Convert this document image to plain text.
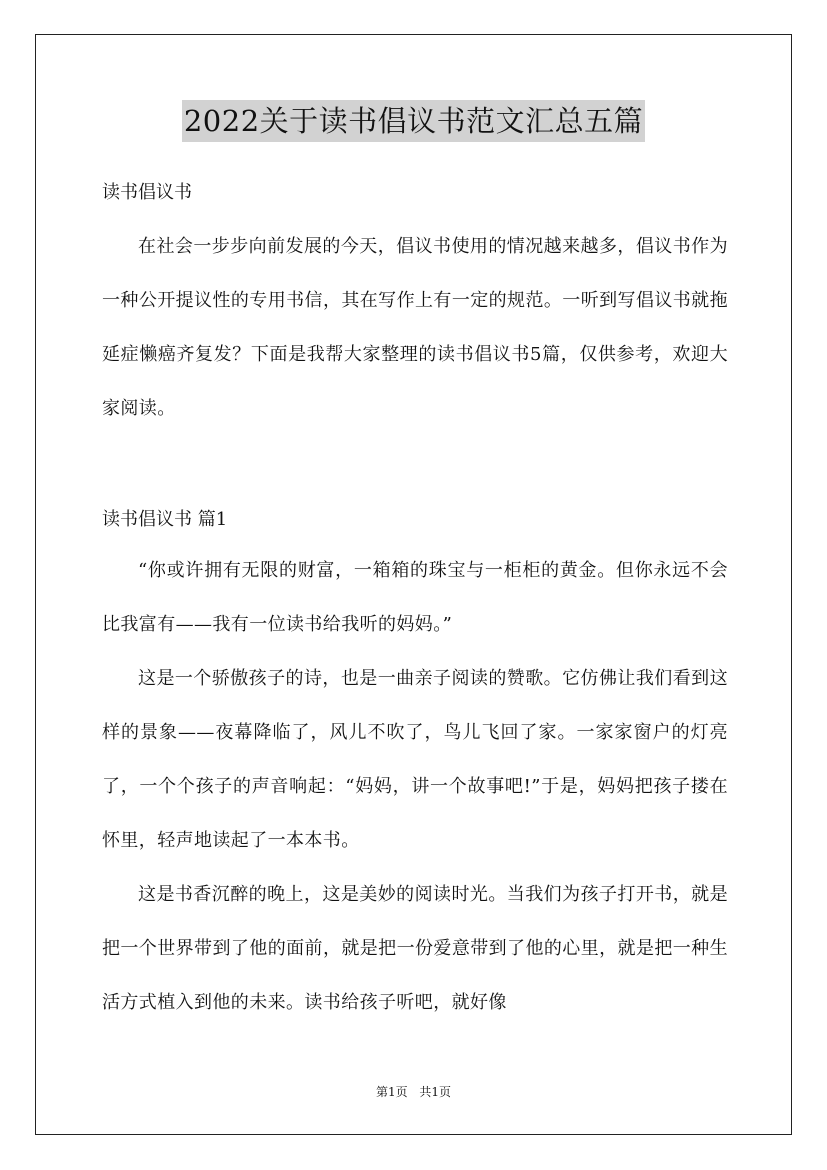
2022关于读书倡议书范文汇总五篇
读书倡议书

在社会一步步向前发展的今天，倡议书使用的情况越来越多，倡议书作为一种公开提议性的专用书信，其在写作上有一定的规范。一听到写倡议书就拖延症懒癌齐复发？下面是我帮大家整理的读书倡议书5篇，仅供参考，欢迎大家阅读。

读书倡议书 篇1

“你或许拥有无限的财富，一箱箱的珠宝与一柜柜的黄金。但你永远不会比我富有——我有一位读书给我听的妈妈。”

这是一个骄傲孩子的诗，也是一曲亲子阅读的赞歌。它仿佛让我们看到这样的景象——夜幕降临了，风儿不吹了，鸟儿飞回了家。一家家窗户的灯亮了，一个个孩子的声音响起：“妈妈，讲一个故事吧!”于是，妈妈把孩子搂在怀里，轻声地读起了一本本书。

这是书香沉醉的晚上，这是美妙的阅读时光。当我们为孩子打开书，就是把一个世界带到了他的面前，就是把一份爱意带到了他的心里，就是把一种生活方式植入到他的未来。读书给孩子听吧，就好像

第1页 共1页
